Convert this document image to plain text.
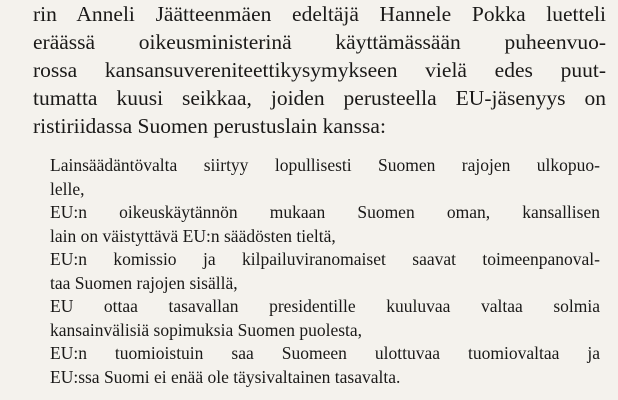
rin Anneli Jäätteenmäen edeltäjä Hannele Pokka luetteli
eräässä oikeusministerinä käyttämässään puheenvuo-
rossa kansansuvereniteettikysymykseen vielä edes puut-
tumatta kuusi seikkaa, joiden perusteella EU-jäsenyys on
ristiriidassa Suomen perustuslain kanssa:
Lainsäädäntövalta siirtyy lopullisesti Suomen rajojen ulkopuo-
lelle,
EU:n oikeuskäytännön mukaan Suomen oman, kansallisen
lain on väistyttävä EU:n säädösten tieltä,
EU:n komissio ja kilpailuviranomaiset saavat toimeenpanoval-
taa Suomen rajojen sisällä,
EU ottaa tasavallan presidentille kuuluvaa valtaa solmia
kansainvälisiä sopimuksia Suomen puolesta,
EU:n tuomioistuin saa Suomeen ulottuvaa tuomiovaltaa ja
EU:ssa Suomi ei enää ole täysivaltainen tasavalta.
